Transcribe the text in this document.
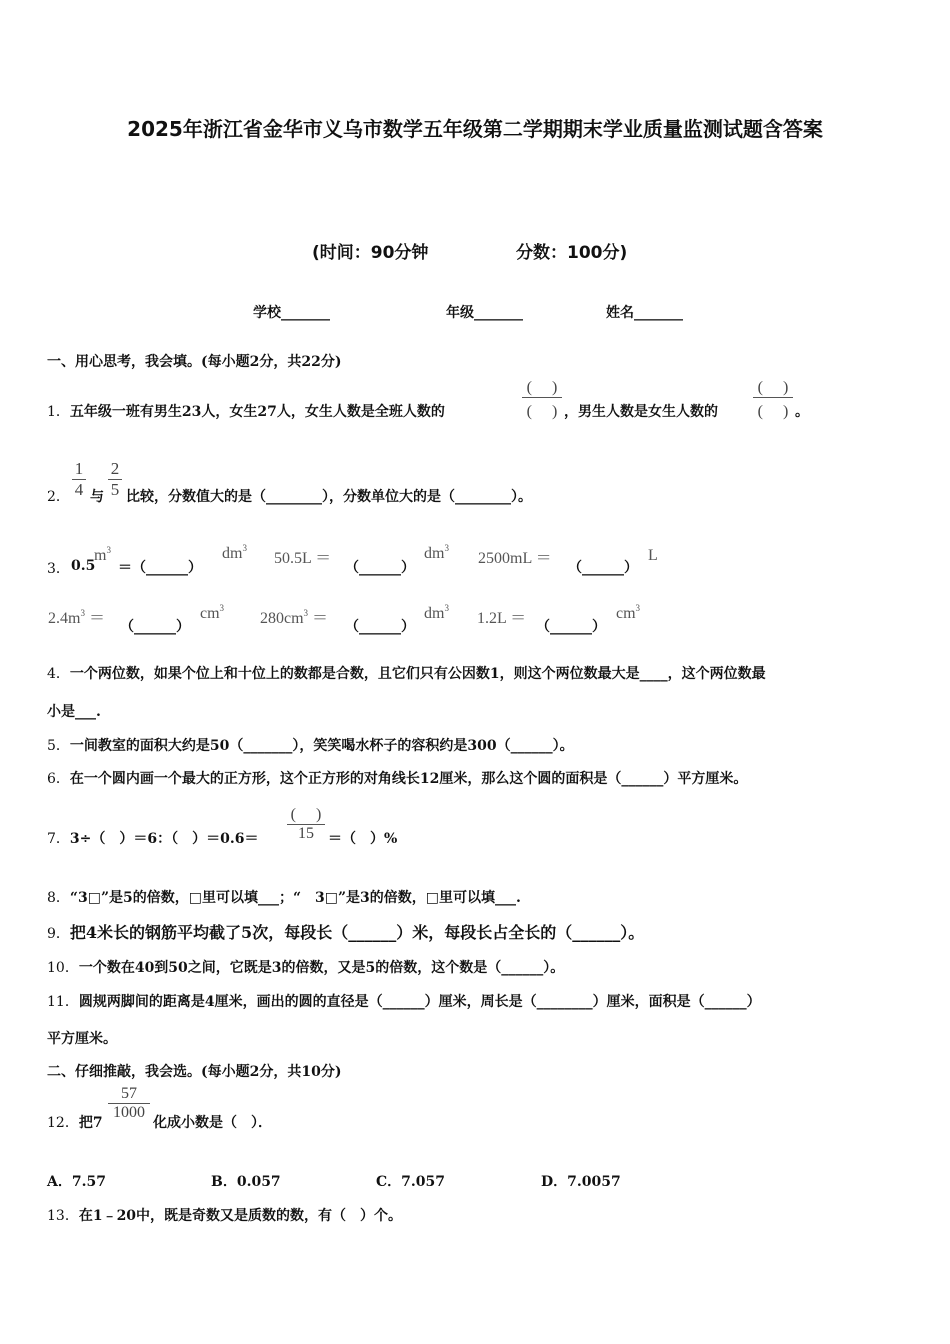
2025年浙江省金华市义乌市数学五年级第二学期期末学业质量监测试题含答案
(时间：90分钟	分数：100分)
学校_______	年级_______	姓名_______
一、用心思考，我会填。(每小题2分，共22分)
1．五年级一班有男生23人，女生27人，女生人数是全班人数的
(　 )
(　 ) ，男生人数是女生人数的
(　 )
(　 ) 。
2．
1
4 与
2
5 比较，分数值大的是（________），分数单位大的是（________）。
3． 0.5
$m^3$
＝（______）
$dm^3$
50.5L ＝
（______）
$dm^3$
2500mL ＝
（______）
L
$2.4m^3$ ＝ （______）
$cm^3$
$280cm^3$ ＝ （______）
$dm^3$
1.2L ＝ （______）
$cm^3$
4．一个两位数，如果个位上和十位上的数都是合数，且它们只有公因数1，则这个两位数最大是____，这个两位数最
小是___.
5．一间教室的面积大约是50（_______），笑笑喝水杯子的容积约是300（______）。
6．在一个圆内画一个最大的正方形，这个正方形的对角线长12厘米，那么这个圆的面积是（______）平方厘米。
7．3÷（　）＝6：（　）＝0.6＝
(　 )
15	＝（　）%
8．“3□”是5的倍数，□里可以填___；“　3□”是3的倍数，□里可以填___.
9．把4米长的钢筋平均截了5次，每段长（______）米，每段长占全长的（______）。
10．一个数在40到50之间，它既是3的倍数，又是5的倍数，这个数是（______）。
11．圆规两脚间的距离是4厘米，画出的圆的直径是（______）厘米，周长是（________）厘米，面积是（______）
平方厘米。
二、仔细推敲，我会选。(每小题2分，共10分)
12．把7
57
1000
化成小数是（　）．
A．7.57	B．0.057	C．7.057	D．7.0057
13．在1﹣20中，既是奇数又是质数的数，有（　）个。
